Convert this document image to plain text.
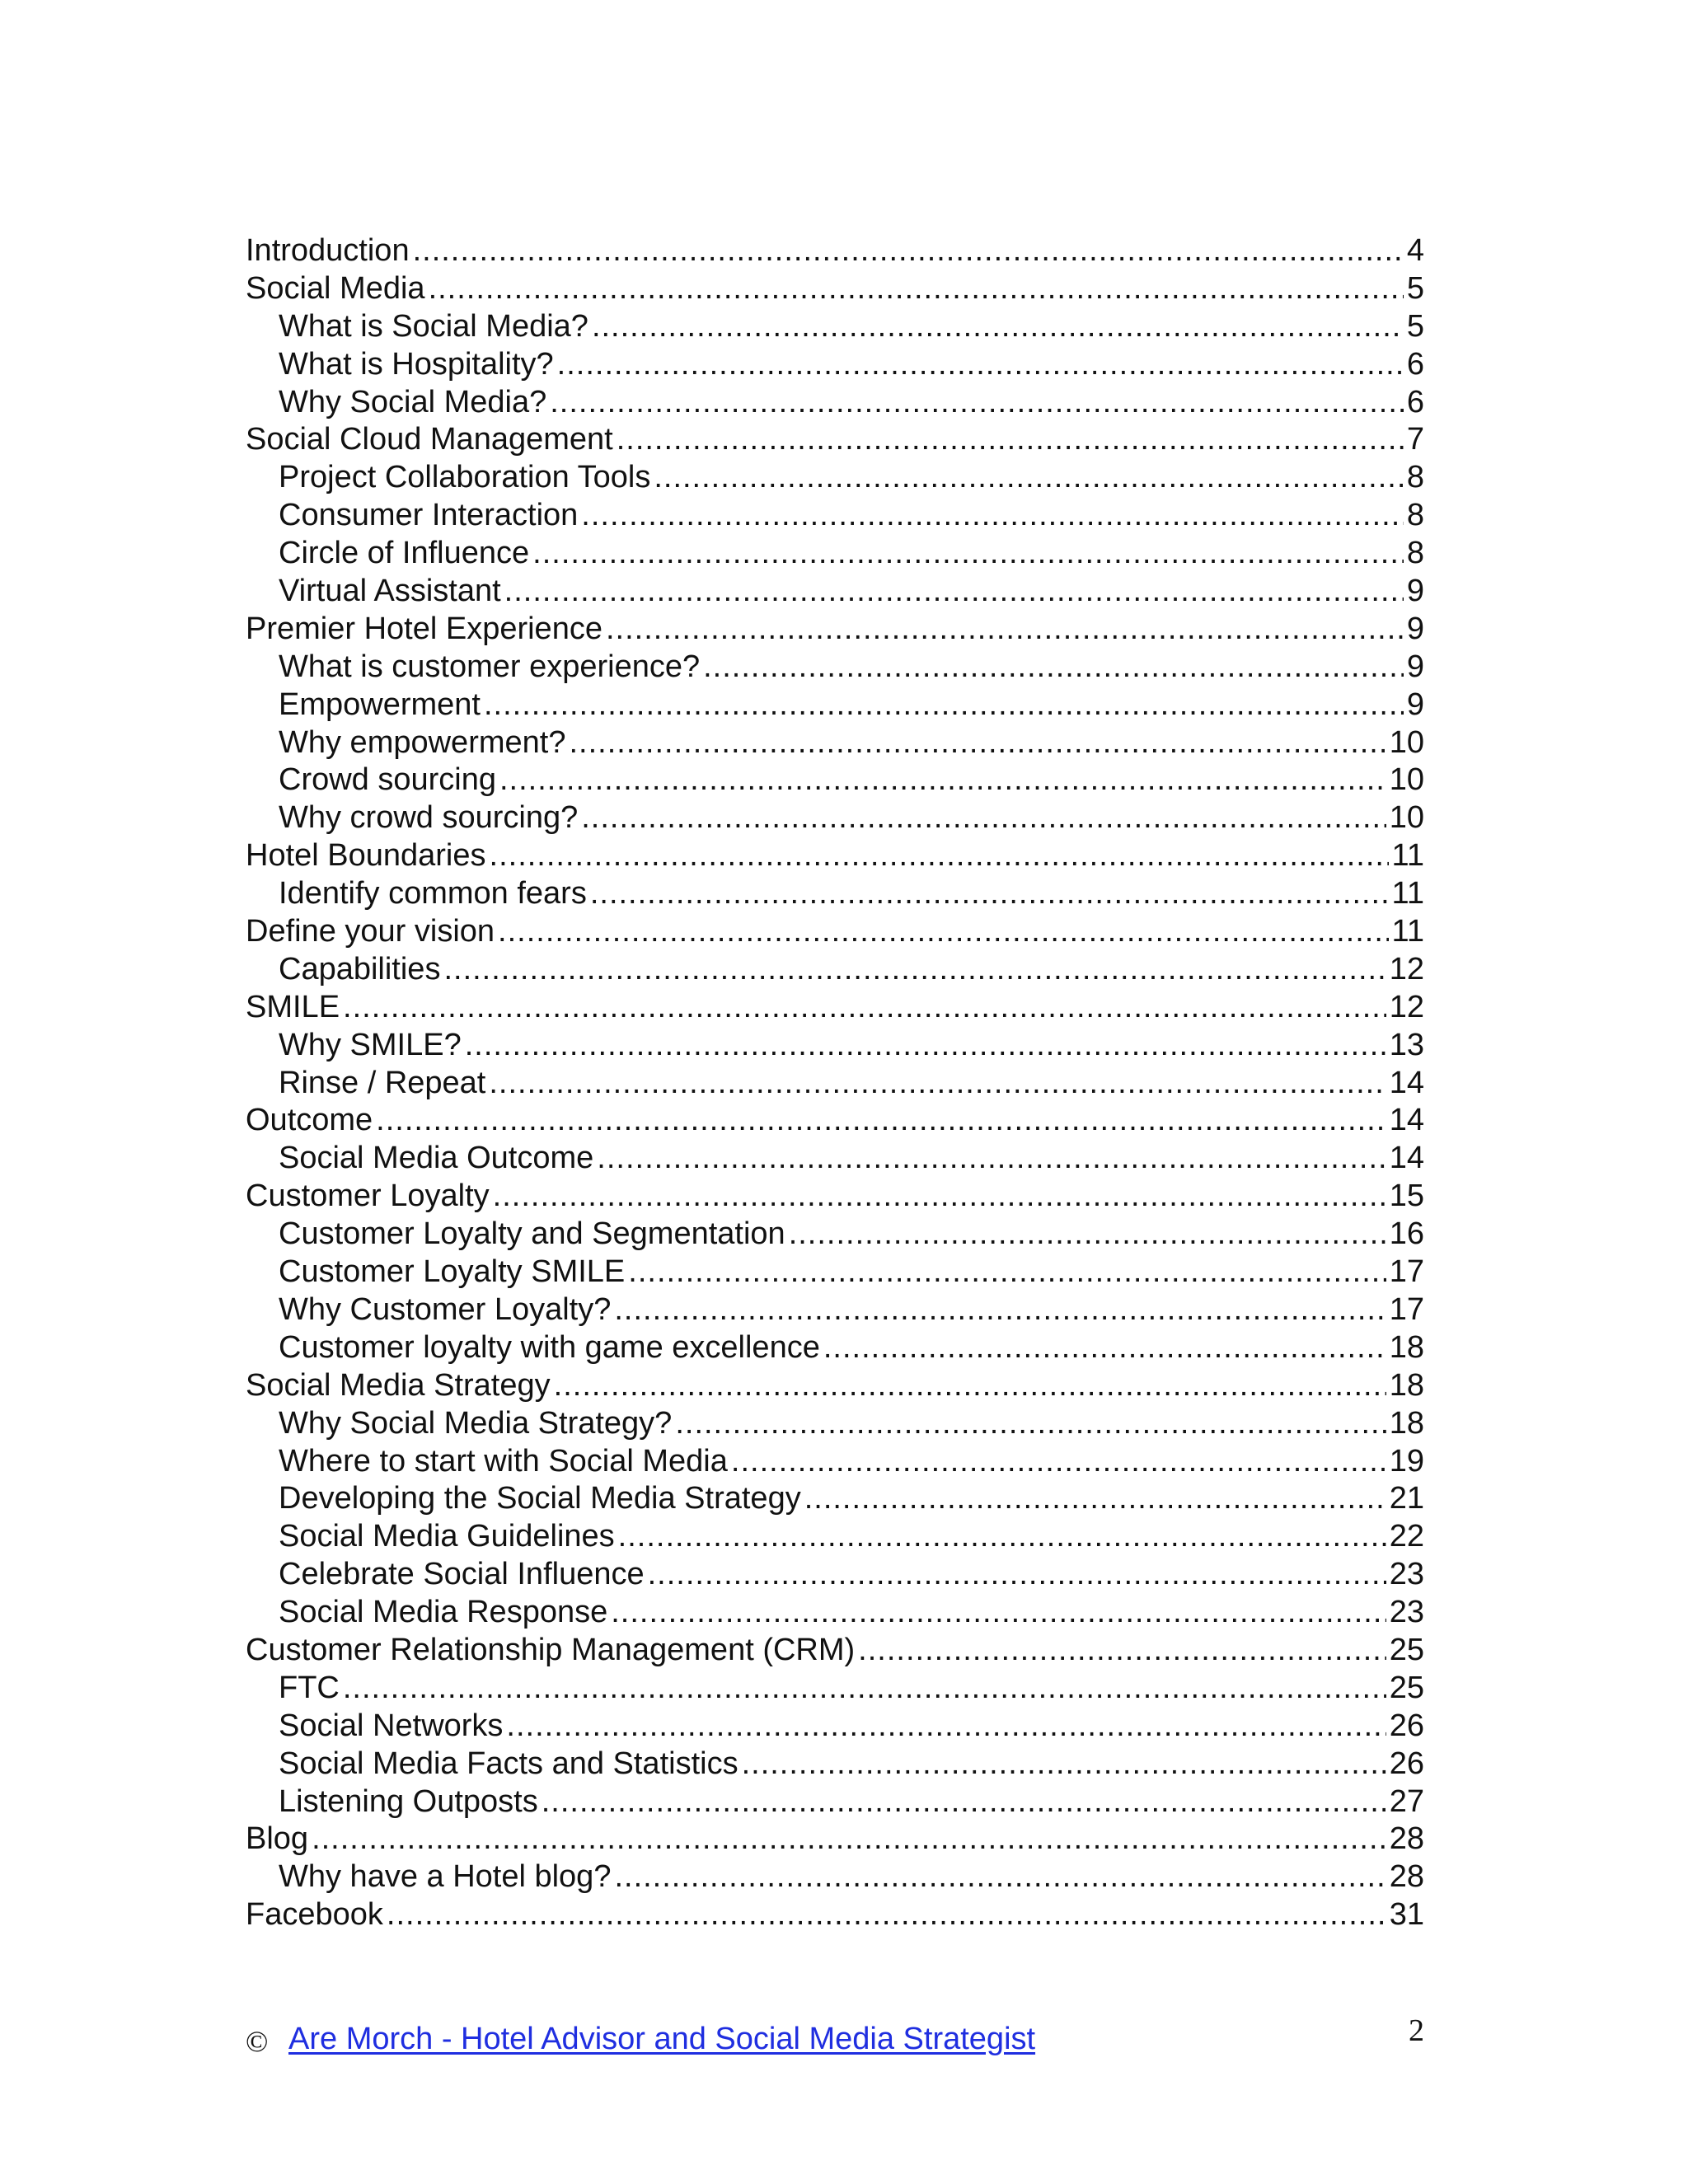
Introduction .....	4
Social Media .....	5
What is Social Media? .....	5
What is Hospitality? .....	6
Why Social Media? .....	6
Social Cloud Management .....	7
Project Collaboration Tools .....	8
Consumer Interaction .....	8
Circle of Influence .....	8
Virtual Assistant .....	9
Premier Hotel Experience .....	9
What is customer experience? .....	9
Empowerment .....	9
Why empowerment? .....	10
Crowd sourcing .....	10
Why crowd sourcing? .....	10
Hotel Boundaries .....	11
Identify common fears .....	11
Define your vision .....	11
Capabilities .....	12
SMILE .....	12
Why SMILE? .....	13
Rinse / Repeat .....	14
Outcome .....	14
Social Media Outcome .....	14
Customer Loyalty .....	15
Customer Loyalty and Segmentation .....	16
Customer Loyalty SMILE .....	17
Why Customer Loyalty? .....	17
Customer loyalty with game excellence .....	18
Social Media Strategy .....	18
Why Social Media Strategy? .....	18
Where to start with Social Media .....	19
Developing the Social Media Strategy .....	21
Social Media Guidelines .....	22
Celebrate Social Influence .....	23
Social Media Response .....	23
Customer Relationship Management (CRM) .....	25
FTC .....	25
Social Networks .....	26
Social Media Facts and Statistics .....	26
Listening Outposts .....	27
Blog .....	28
Why have a Hotel blog? .....	28
Facebook .....	31
© Are Morch - Hotel Advisor and Social Media Strategist	2
